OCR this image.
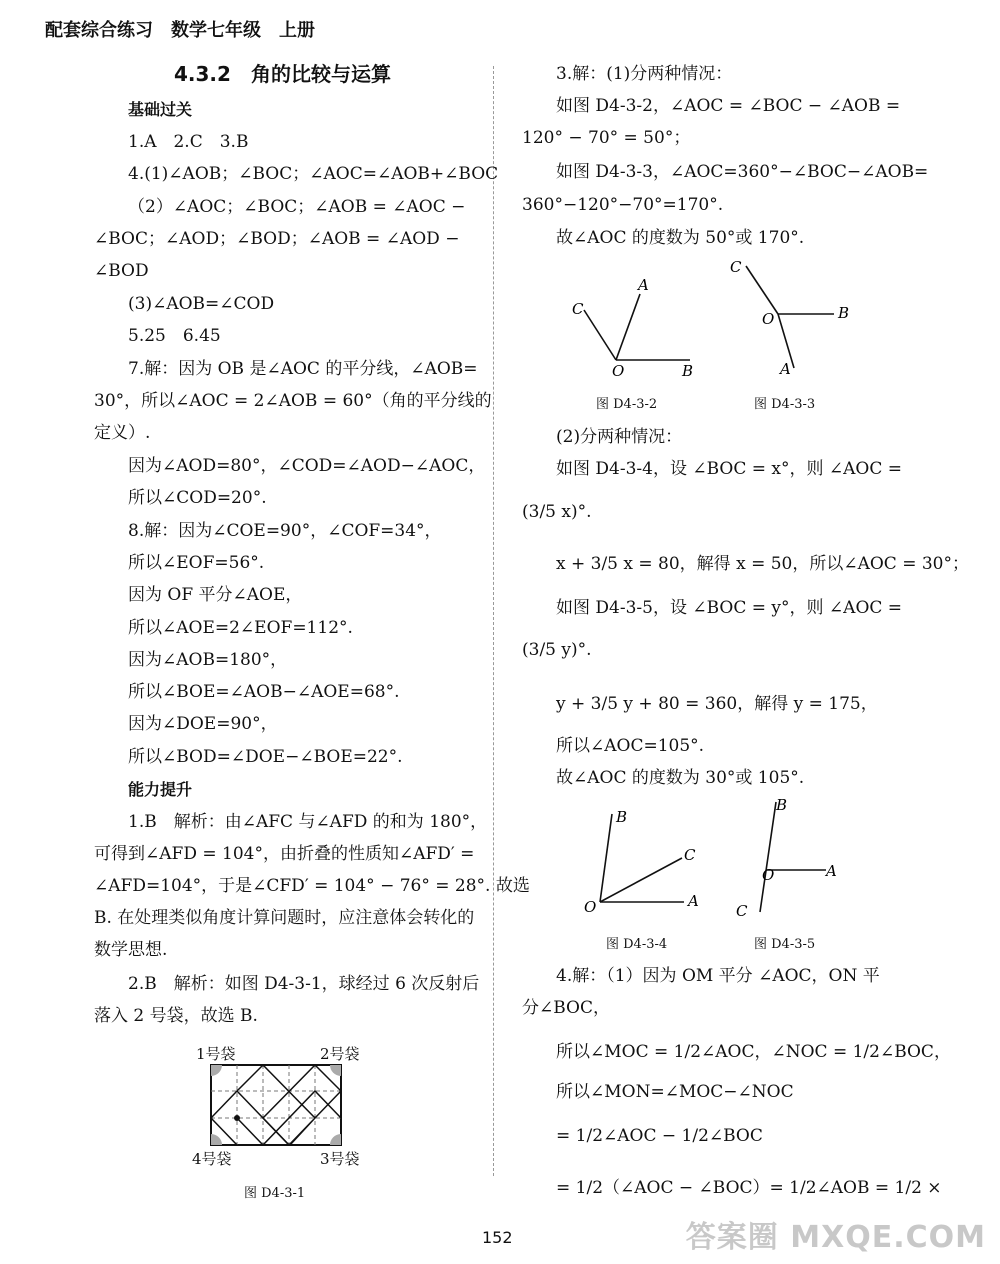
配套综合练习　数学七年级　上册
4.3.2　角的比较与运算
基础过关
1.A　2.C　3.B
4.(1)∠AOB；∠BOC；∠AOC=∠AOB+∠BOC
（2）∠AOC；∠BOC；∠AOB = ∠AOC −
∠BOC；∠AOD；∠BOD；∠AOB = ∠AOD −
∠BOD
(3)∠AOB=∠COD
5.25　6.45
7.解：因为 OB 是∠AOC 的平分线，∠AOB=
30°，所以∠AOC = 2∠AOB = 60°（角的平分线的
定义）.
因为∠AOD=80°，∠COD=∠AOD−∠AOC，
所以∠COD=20°.
8.解：因为∠COE=90°，∠COF=34°，
所以∠EOF=56°.
因为 OF 平分∠AOE，
所以∠AOE=2∠EOF=112°.
因为∠AOB=180°，
所以∠BOE=∠AOB−∠AOE=68°.
因为∠DOE=90°，
所以∠BOD=∠DOE−∠BOE=22°.
能力提升
1.B　解析：由∠AFC 与∠AFD 的和为 180°，
可得到∠AFD = 104°，由折叠的性质知∠AFD′ =
∠AFD=104°，于是∠CFD′ = 104° − 76° = 28°. 故选
B. 在处理类似角度计算问题时，应注意体会转化的
数学思想.
2.B　解析：如图 D4-3-1，球经过 6 次反射后
落入 2 号袋，故选 B.
1号袋	2号袋
4号袋	3号袋
图 D4-3-1
3.解：(1)分两种情况：
如图 D4-3-2，∠AOC = ∠BOC − ∠AOB =
120° − 70° = 50°；
如图 D4-3-3，∠AOC=360°−∠BOC−∠AOB=
360°−120°−70°=170°.
故∠AOC 的度数为 50°或 170°.
C
A
O	B
图 D4-3-2
C
O	B
A
图 D4-3-3
(2)分两种情况：
如图 D4-3-4，设 ∠BOC = x°，则 ∠AOC =
(3/5 x)°.
x + 3/5 x = 80，解得 x = 50，所以∠AOC = 30°；
如图 D4-3-5，设 ∠BOC = y°，则 ∠AOC =
(3/5 y)°.
y + 3/5 y + 80 = 360，解得 y = 175，
所以∠AOC=105°.
故∠AOC 的度数为 30°或 105°.
B
C
O	A
图 D4-3-4
B
O	A
C
图 D4-3-5
4.解：（1）因为 OM 平分 ∠AOC，ON 平
分∠BOC，
所以∠MOC = 1/2∠AOC，∠NOC = 1/2∠BOC，
所以∠MON=∠MOC−∠NOC
= 1/2∠AOC − 1/2∠BOC
= 1/2（∠AOC − ∠BOC）= 1/2∠AOB = 1/2 ×
152	答案圈 MXQE.COM
